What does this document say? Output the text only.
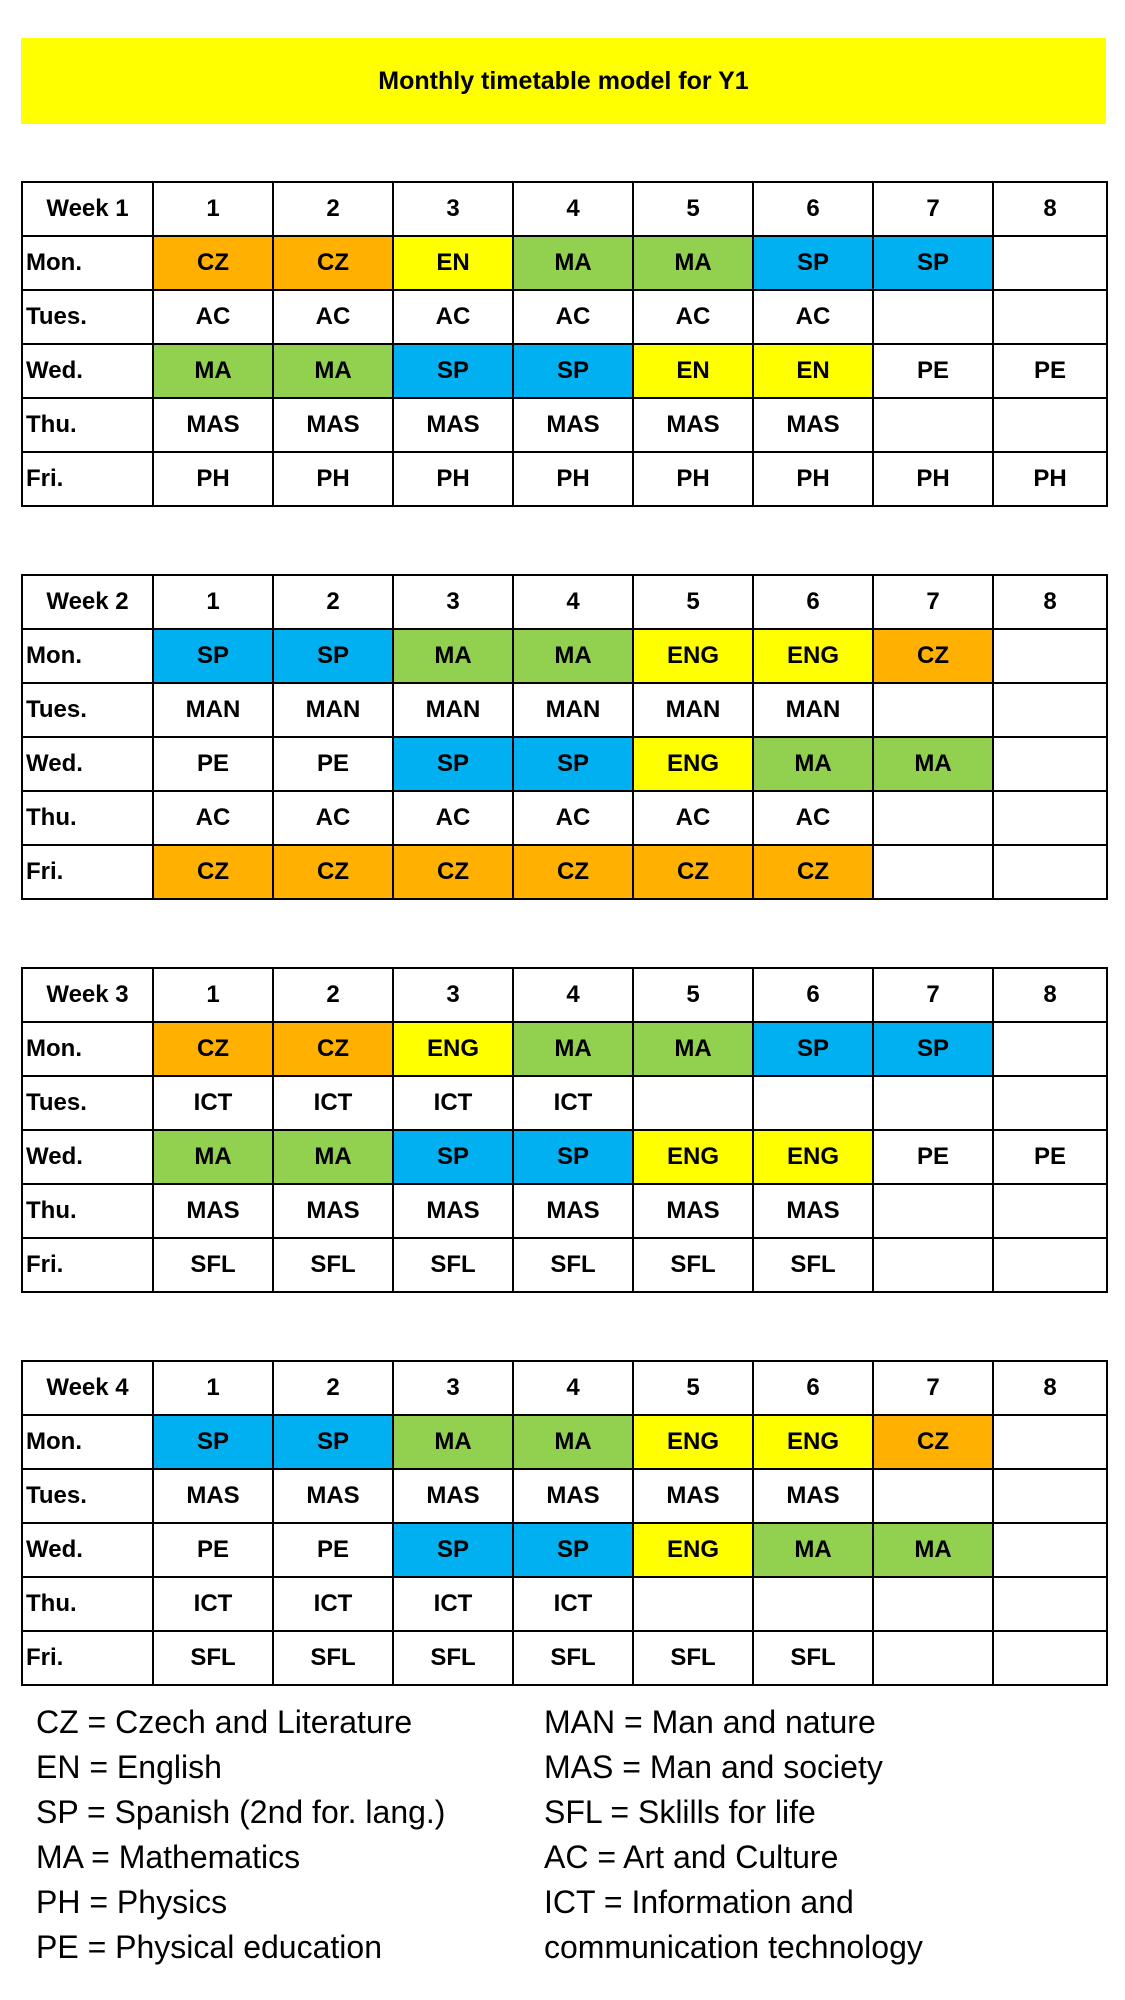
Monthly timetable model for Y1
Week 1	1	2	3	4	5	6	7	8
Mon.	CZ	CZ	EN	MA	MA	SP	SP	
Tues.	AC	AC	AC	AC	AC	AC		
Wed.	MA	MA	SP	SP	EN	EN	PE	PE
Thu.	MAS	MAS	MAS	MAS	MAS	MAS		
Fri.	PH	PH	PH	PH	PH	PH	PH	PH
Week 2	1	2	3	4	5	6	7	8
Mon.	SP	SP	MA	MA	ENG	ENG	CZ	
Tues.	MAN	MAN	MAN	MAN	MAN	MAN		
Wed.	PE	PE	SP	SP	ENG	MA	MA	
Thu.	AC	AC	AC	AC	AC	AC		
Fri.	CZ	CZ	CZ	CZ	CZ	CZ		
Week 3	1	2	3	4	5	6	7	8
Mon.	CZ	CZ	ENG	MA	MA	SP	SP	
Tues.	ICT	ICT	ICT	ICT				
Wed.	MA	MA	SP	SP	ENG	ENG	PE	PE
Thu.	MAS	MAS	MAS	MAS	MAS	MAS		
Fri.	SFL	SFL	SFL	SFL	SFL	SFL		
Week 4	1	2	3	4	5	6	7	8
Mon.	SP	SP	MA	MA	ENG	ENG	CZ	
Tues.	MAS	MAS	MAS	MAS	MAS	MAS		
Wed.	PE	PE	SP	SP	ENG	MA	MA	
Thu.	ICT	ICT	ICT	ICT				
Fri.	SFL	SFL	SFL	SFL	SFL	SFL		
CZ = Czech and Literature
EN = English
SP = Spanish (2nd for. lang.)
MA = Mathematics
PH = Physics
PE = Physical education
MAN = Man and nature
MAS = Man and society
SFL = Sklills for life
AC = Art and Culture
ICT = Information and
communication technology
